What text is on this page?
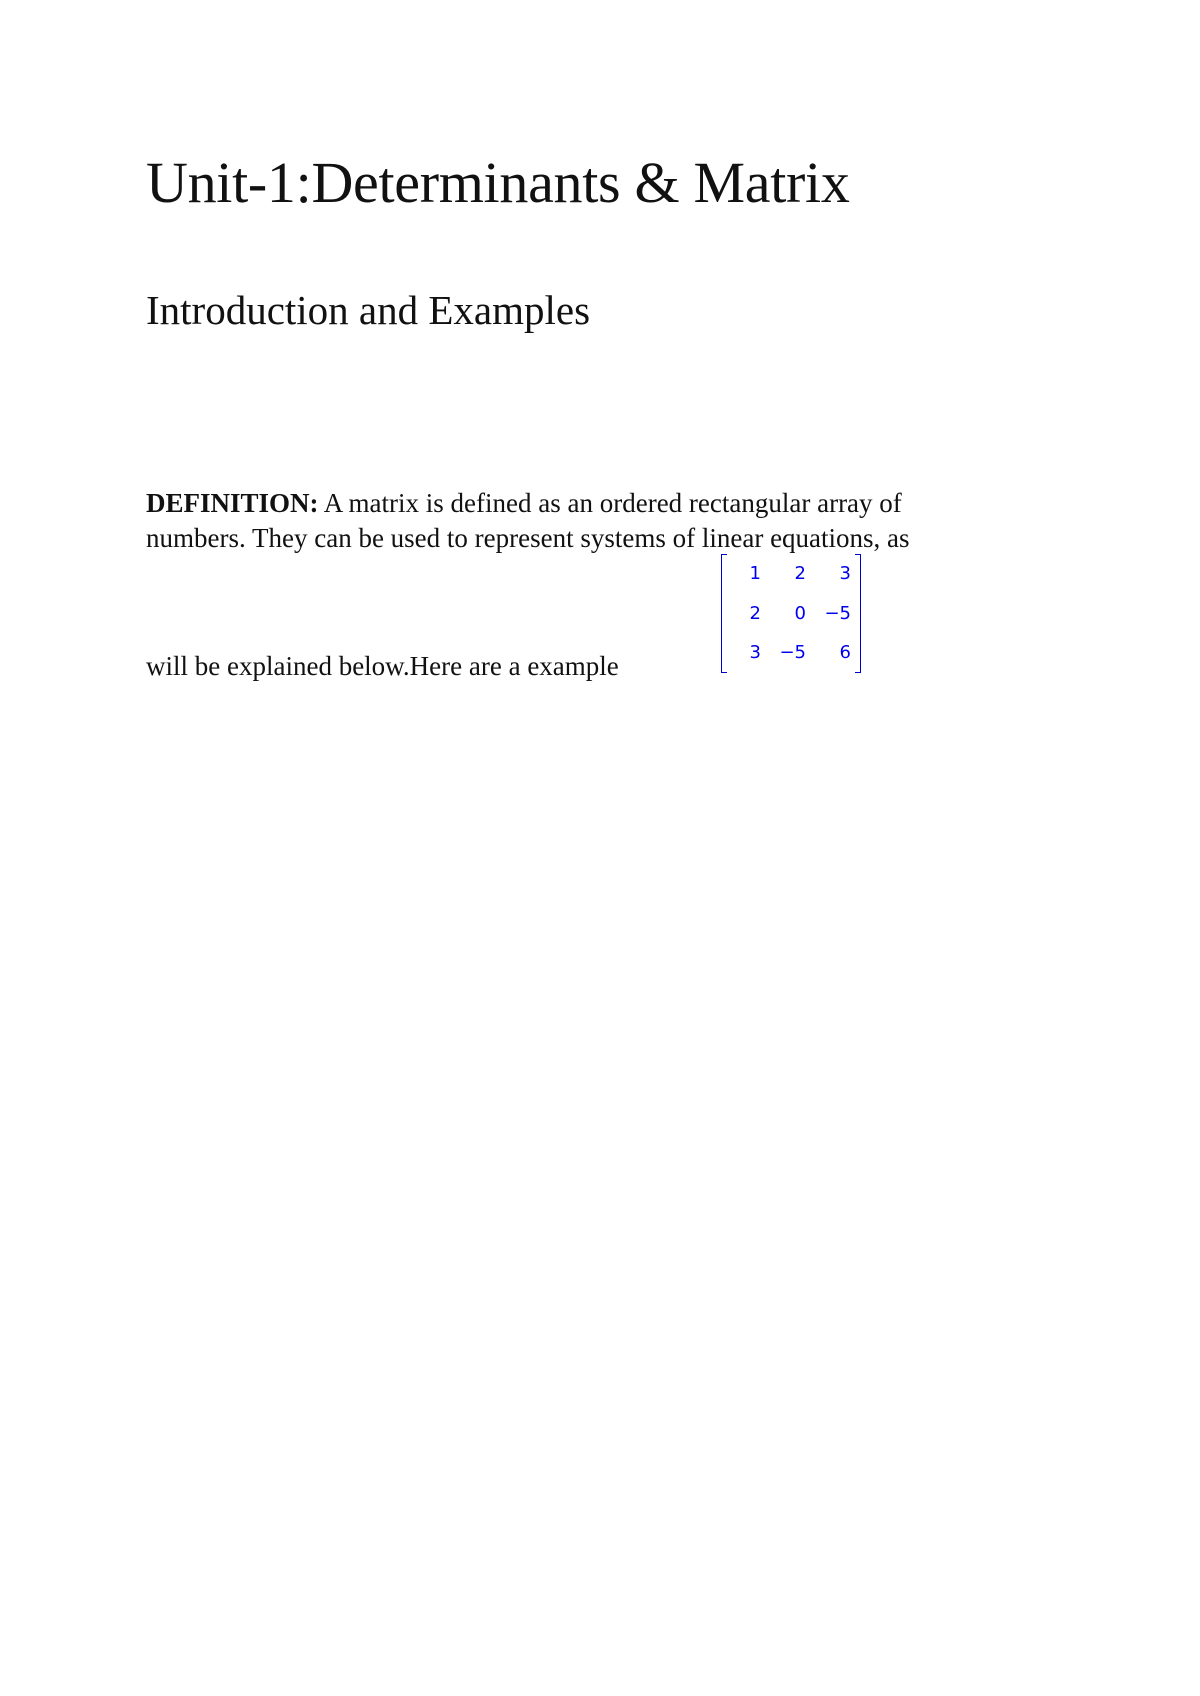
Unit-1:Determinants & Matrix
Introduction and Examples

DEFINITION: A matrix is defined as an ordered rectangular array of

numbers. They can be used to represent systems of linear equations, as

will be explained below.Here are a example

1	2	3
2	0	−5
3	−5	6
